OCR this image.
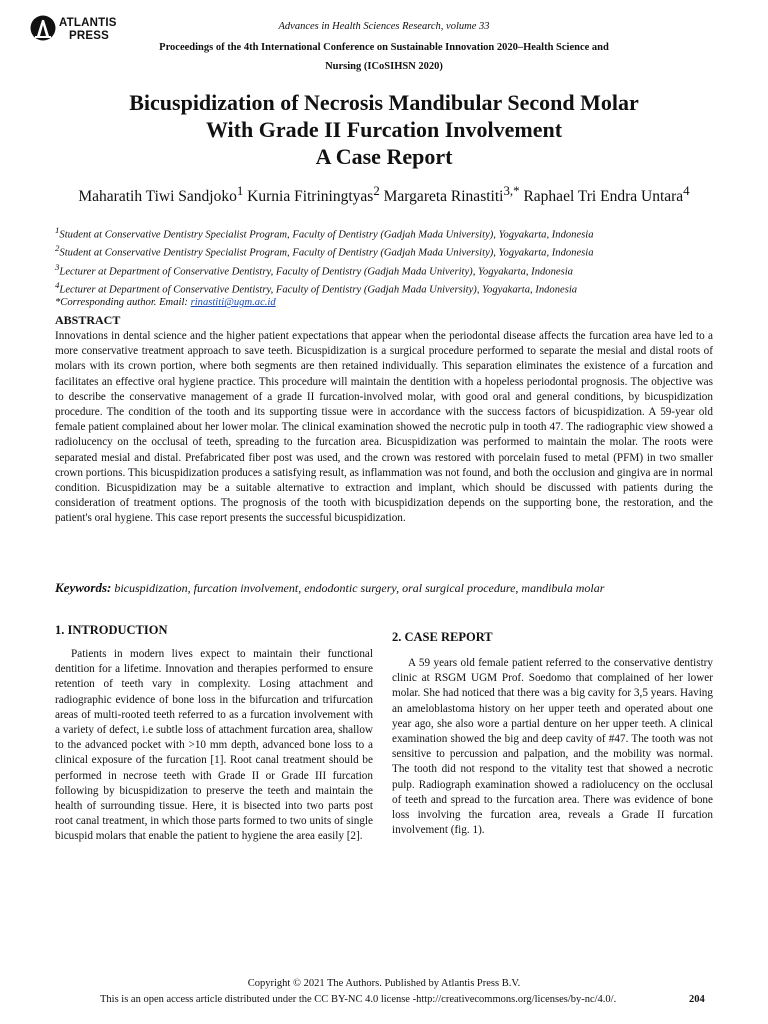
ATLANTIS
PRESS
Advances in Health Sciences Research, volume 33
Proceedings of the 4th International Conference on Sustainable Innovation 2020–Health Science and Nursing (ICoSIHSN 2020)
Bicuspidization of Necrosis Mandibular Second Molar
With Grade II Furcation Involvement
A Case Report
Maharatih Tiwi Sandjoko$^1$ Kurnia Fitriningtyas$^2$ Margareta Rinastiti$^{3,*}$ Raphael Tri Endra Untara$^4$
$^1$Student at Conservative Dentistry Specialist Program, Faculty of Dentistry (Gadjah Mada University), Yogyakarta, Indonesia
$^2$Student at Conservative Dentistry Specialist Program, Faculty of Dentistry (Gadjah Mada University), Yogyakarta, Indonesia
$^3$Lecturer at Department of Conservative Dentistry, Faculty of Dentistry (Gadjah Mada Univerity), Yogyakarta, Indonesia
$^4$Lecturer at Department of Conservative Dentistry, Faculty of Dentistry (Gadjah Mada University), Yogyakarta, Indonesia
*Corresponding author. Email: rinastiti@ugm.ac.id
ABSTRACT

Innovations in dental science and the higher patient expectations that appear when the periodontal disease affects the furcation area have led to a more conservative treatment approach to save teeth. Bicuspidization is a surgical procedure performed to separate the mesial and distal roots of molars with its crown portion, where both segments are then retained individually. This separation eliminates the existence of a furcation and facilitates an effective oral hygiene practice. This procedure will maintain the dentition with a hopeless periodontal prognosis. The objective was to describe the conservative management of a grade II furcation-involved molar, with good oral and general conditions, by bicuspidization procedure. The condition of the tooth and its supporting tissue were in accordance with the success factors of bicuspidization. A 59-year old female patient complained about her lower molar. The clinical examination showed the necrotic pulp in tooth 47. The radiographic view showed a radiolucency on the occlusal of teeth, spreading to the furcation area. Bicuspidization was performed to maintain the molar. The roots were separated mesial and distal. Prefabricated fiber post was used, and the crown was restored with porcelain fused to metal (PFM) in two smaller crown portions. This bicuspidization produces a satisfying result, as inflammation was not found, and both the occlusion and gingiva are in normal condition. Bicuspidization may be a suitable alternative to extraction and implant, which should be discussed with patients during the consideration of treatment options. The prognosis of the tooth with bicuspidization depends on the supporting bone, the restoration, and the patient's oral hygiene. This case report presents the successful bicuspidization.

Keywords: bicuspidization, furcation involvement, endodontic surgery, oral surgical procedure, mandibula molar
1. INTRODUCTION

Patients in modern lives expect to maintain their functional dentition for a lifetime. Innovation and therapies performed to ensure retention of teeth vary in complexity. Losing attachment and radiographic evidence of bone loss in the bifurcation and trifurcation areas of multi-rooted teeth referred to as a furcation involvement with a variety of defect, i.e subtle loss of attachment furcation area, shallow to the advanced pocket with >10 mm depth, advanced bone loss to a clinical exposure of the furcation [1]. Root canal treatment should be performed in necrose teeth with Grade II or Grade III furcation following by bicuspidization to preserve the teeth and maintain the health of surrounding tissue. Here, it is bisected into two parts post root canal treatment, in which those parts formed to two units of single bicuspid molars that enable the patient to hygiene the area easily [2].

2. CASE REPORT

A 59 years old female patient referred to the conservative dentistry clinic at RSGM UGM Prof. Soedomo that complained of her lower molar. She had noticed that there was a big cavity for 3,5 years. Having an ameloblastoma history on her upper teeth and operated about one year ago, she also wore a partial denture on her upper teeth. A clinical examination showed the big and deep cavity of #47. The tooth was not sensitive to percussion and palpation, and the mobility was normal. The tooth did not respond to the vitality test that showed a necrotic pulp. Radiograph examination showed a radiolucency on the occlusal of teeth and spread to the furcation area. There was evidence of bone loss involving the furcation area, reveals a Grade II furcation involvement (fig. 1).

Copyright © 2021 The Authors. Published by Atlantis Press B.V.
This is an open access article distributed under the CC BY-NC 4.0 license -http://creativecommons.org/licenses/by-nc/4.0/.	204
